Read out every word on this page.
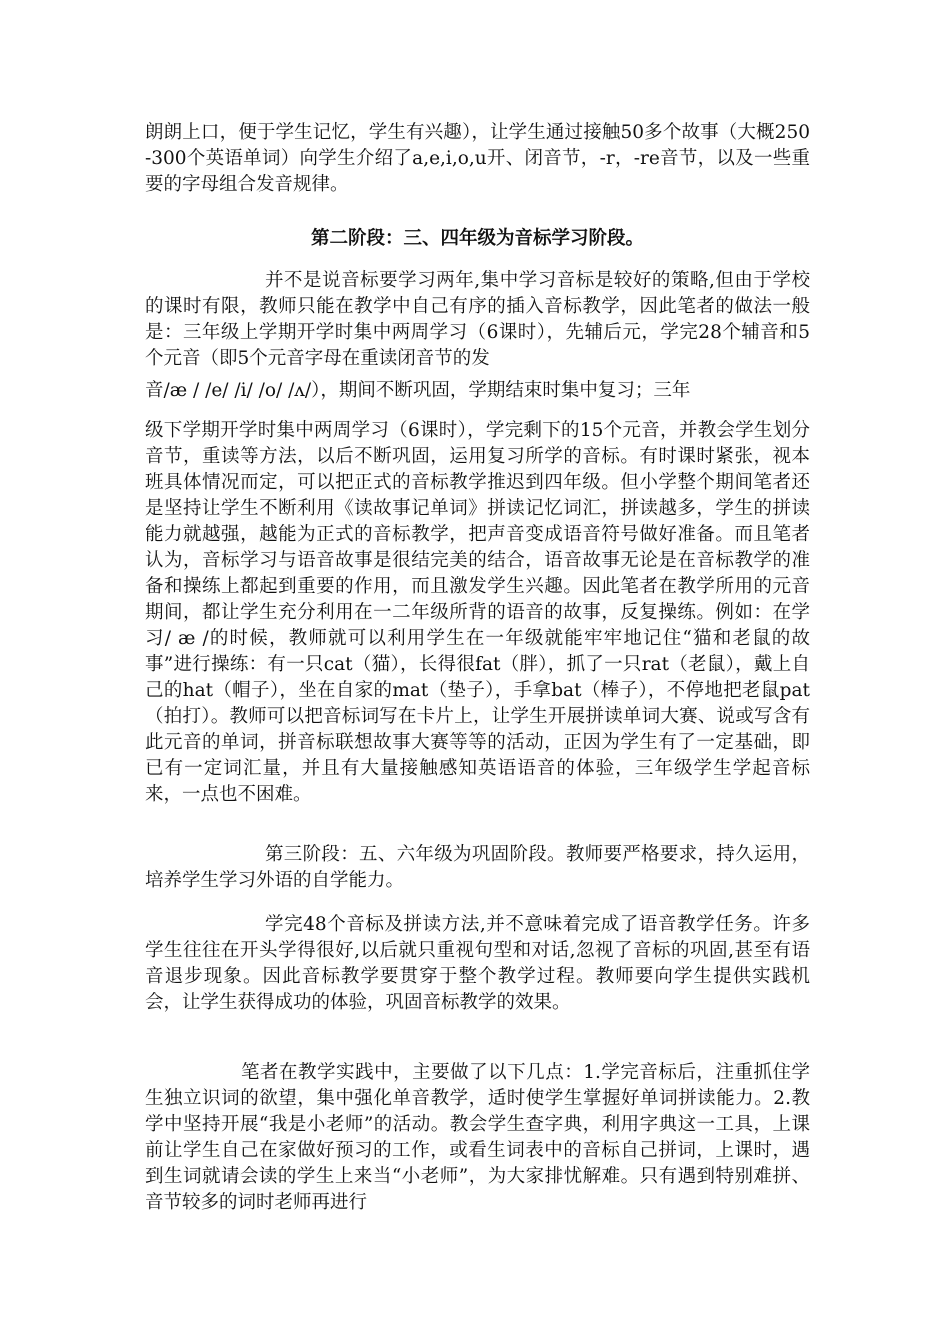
朗朗上口，便于学生记忆，学生有兴趣），让学生通过接触50多个故事（大概250-300个英语单词）向学生介绍了a,e,i,o,u开、闭音节，-r，-re音节，以及一些重要的字母组合发音规律。

第二阶段：三、四年级为音标学习阶段。

并不是说音标要学习两年,集中学习音标是较好的策略,但由于学校的课时有限，教师只能在教学中自己有序的插入音标教学，因此笔者的做法一般是：三年级上学期开学时集中两周学习（6课时），先辅后元，学完28个辅音和5个元音（即5个元音字母在重读闭音节的发

音/æ / /e/ /i/ /o/ /ʌ/），期间不断巩固，学期结束时集中复习；三年

级下学期开学时集中两周学习（6课时），学完剩下的15个元音，并教会学生划分音节，重读等方法，以后不断巩固，运用复习所学的音标。有时课时紧张，视本班具体情况而定，可以把正式的音标教学推迟到四年级。但小学整个期间笔者还是坚持让学生不断利用《读故事记单词》拼读记忆词汇，拼读越多，学生的拼读能力就越强，越能为正式的音标教学，把声音变成语音符号做好准备。而且笔者认为，音标学习与语音故事是很结完美的结合，语音故事无论是在音标教学的准备和操练上都起到重要的作用，而且激发学生兴趣。因此笔者在教学所用的元音期间，都让学生充分利用在一二年级所背的语音的故事，反复操练。例如：在学习/ æ /的时候，教师就可以利用学生在一年级就能牢牢地记住“猫和老鼠的故事”进行操练：有一只cat（猫），长得很fat（胖），抓了一只rat（老鼠），戴上自己的hat（帽子），坐在自家的mat（垫子），手拿bat（棒子），不停地把老鼠pat（拍打）。教师可以把音标词写在卡片上，让学生开展拼读单词大赛、说或写含有此元音的单词，拼音标联想故事大赛等等的活动，正因为学生有了一定基础，即已有一定词汇量，并且有大量接触感知英语语音的体验，三年级学生学起音标来，一点也不困难。

第三阶段：五、六年级为巩固阶段。教师要严格要求，持久运用，培养学生学习外语的自学能力。

学完48个音标及拼读方法,并不意味着完成了语音教学任务。许多学生往往在开头学得很好,以后就只重视句型和对话,忽视了音标的巩固,甚至有语音退步现象。因此音标教学要贯穿于整个教学过程。教师要向学生提供实践机会，让学生获得成功的体验，巩固音标教学的效果。

笔者在教学实践中，主要做了以下几点：1.学完音标后，注重抓住学生独立识词的欲望，集中强化单音教学，适时使学生掌握好单词拼读能力。2.教学中坚持开展“我是小老师”的活动。教会学生查字典，利用字典这一工具，上课前让学生自己在家做好预习的工作，或看生词表中的音标自己拼词，上课时，遇到生词就请会读的学生上来当“小老师”，为大家排忧解难。只有遇到特别难拼、音节较多的词时老师再进行
